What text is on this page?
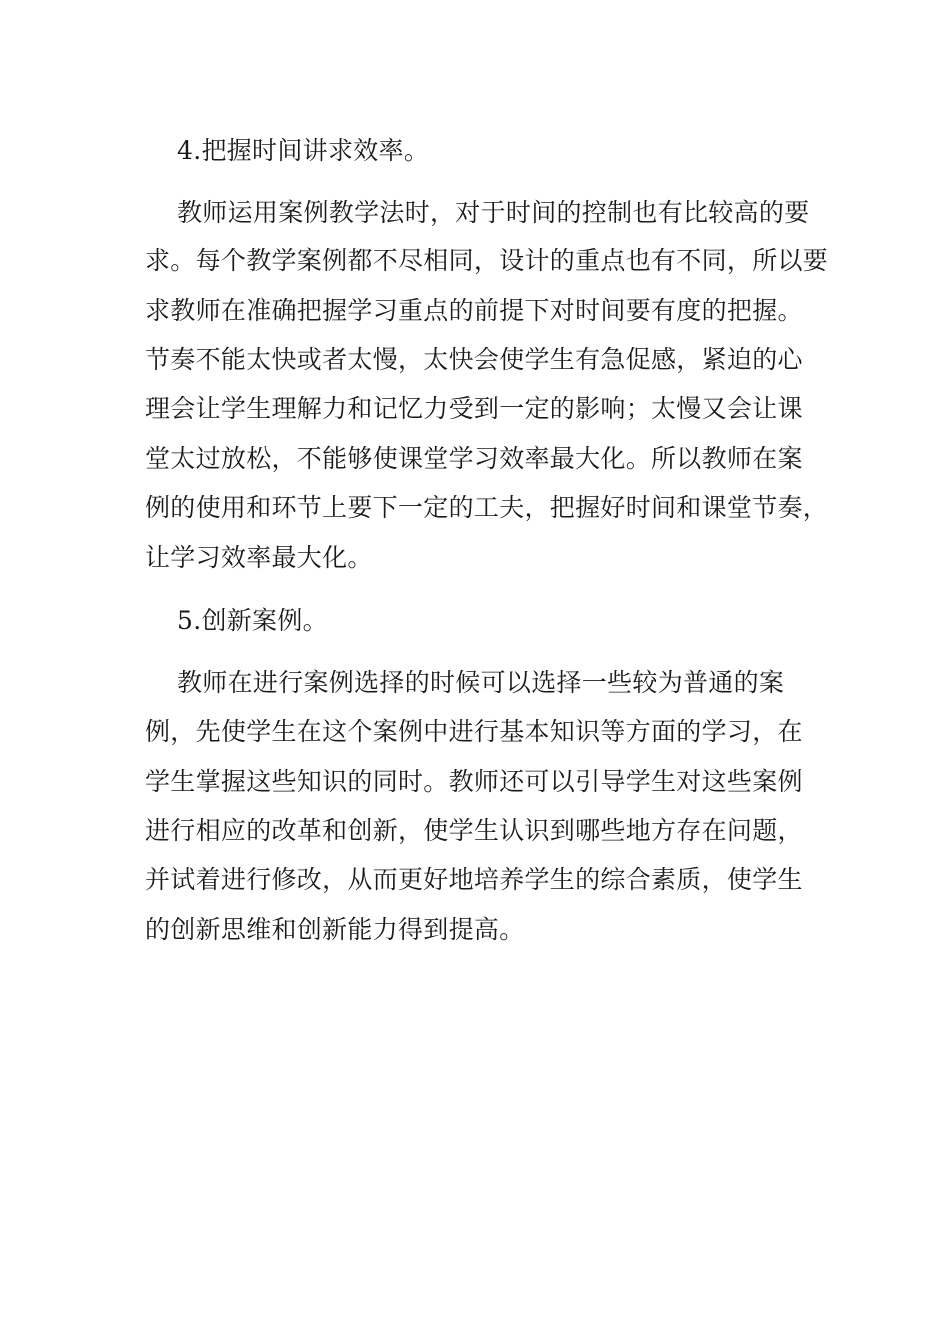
4.把握时间讲求效率。
教师运用案例教学法时，对于时间的控制也有比较高的要
求。每个教学案例都不尽相同，设计的重点也有不同，所以要
求教师在准确把握学习重点的前提下对时间要有度的把握。
节奏不能太快或者太慢，太快会使学生有急促感，紧迫的心
理会让学生理解力和记忆力受到一定的影响；太慢又会让课
堂太过放松，不能够使课堂学习效率最大化。所以教师在案
例的使用和环节上要下一定的工夫，把握好时间和课堂节奏，
让学习效率最大化。
5.创新案例。
教师在进行案例选择的时候可以选择一些较为普通的案
例，先使学生在这个案例中进行基本知识等方面的学习，在
学生掌握这些知识的同时。教师还可以引导学生对这些案例
进行相应的改革和创新，使学生认识到哪些地方存在问题，
并试着进行修改，从而更好地培养学生的综合素质，使学生
的创新思维和创新能力得到提高。
